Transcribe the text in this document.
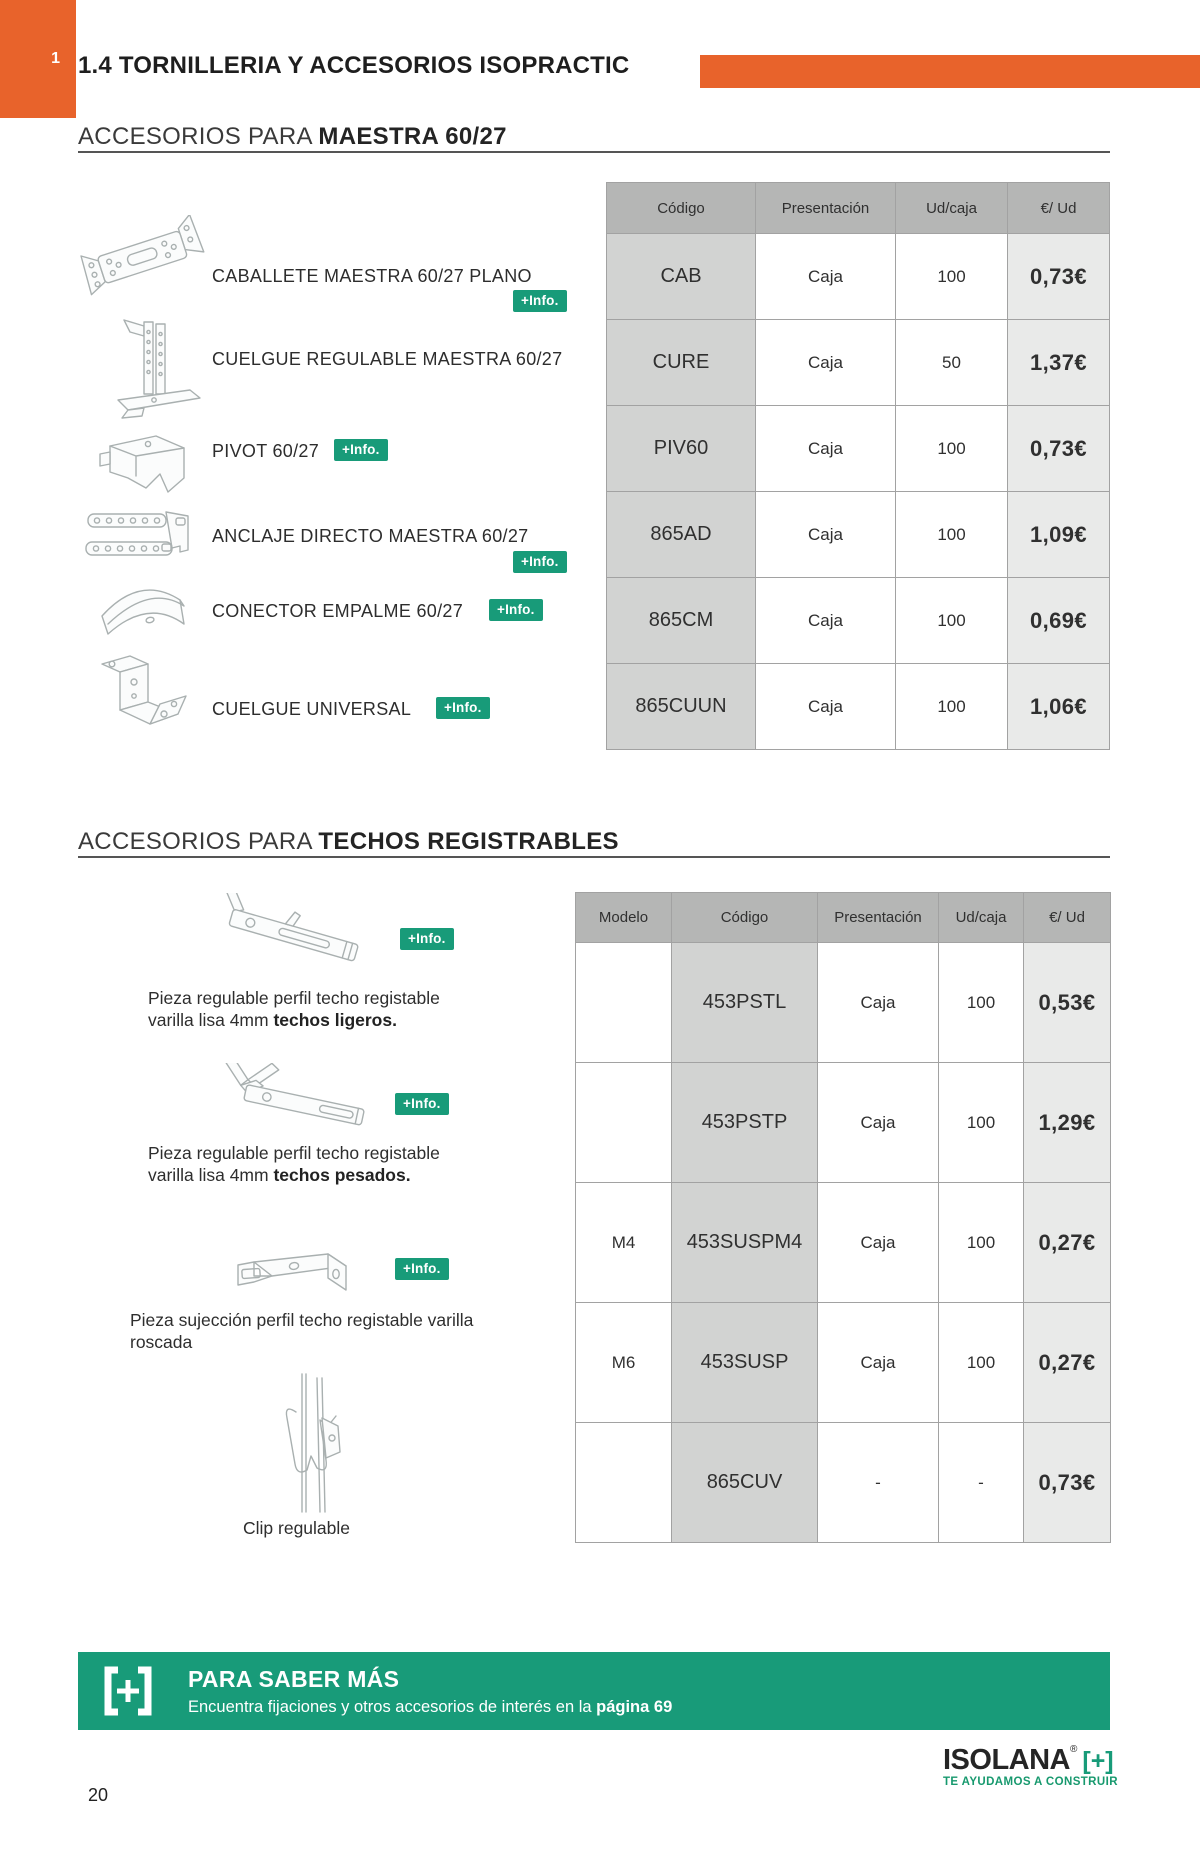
1 1.4 TORNILLERIA Y ACCESORIOS ISOPRACTIC
ACCESORIOS PARA MAESTRA 60/27
CABALLETE MAESTRA 60/27 PLANO
+Info.
CUELGUE REGULABLE MAESTRA 60/27
PIVOT 60/27	+Info.
ANCLAJE DIRECTO MAESTRA 60/27
+Info.
CONECTOR EMPALME 60/27	+Info.
CUELGUE UNIVERSAL	+Info.
Código	Presentación	Ud/caja	€/ Ud
CAB	Caja	100	0,73€
CURE	Caja	50	1,37€
PIV60	Caja	100	0,73€
865AD	Caja	100	1,09€
865CM	Caja	100	0,69€
865CUUN	Caja	100	1,06€
ACCESORIOS PARA TECHOS REGISTRABLES
+Info.

Pieza regulable perfil techo registable varilla lisa 4mm techos ligeros.

+Info.

Pieza regulable perfil techo registable varilla lisa 4mm techos pesados.

+Info.

Pieza sujección perfil techo registable varilla roscada

Clip regulable
Modelo	Código	Presentación	Ud/caja	€/ Ud
	453PSTL	Caja	100	0,53€
	453PSTP	Caja	100	1,29€
M4	453SUSPM4	Caja	100	0,27€
M6	453SUSP	Caja	100	0,27€
	865CUV	-	-	0,73€
PARA SABER MÁS
Encuentra fijaciones y otros accesorios de interés en la página 69
20
ISOLANA® [+]
TE AYUDAMOS A CONSTRUIR
